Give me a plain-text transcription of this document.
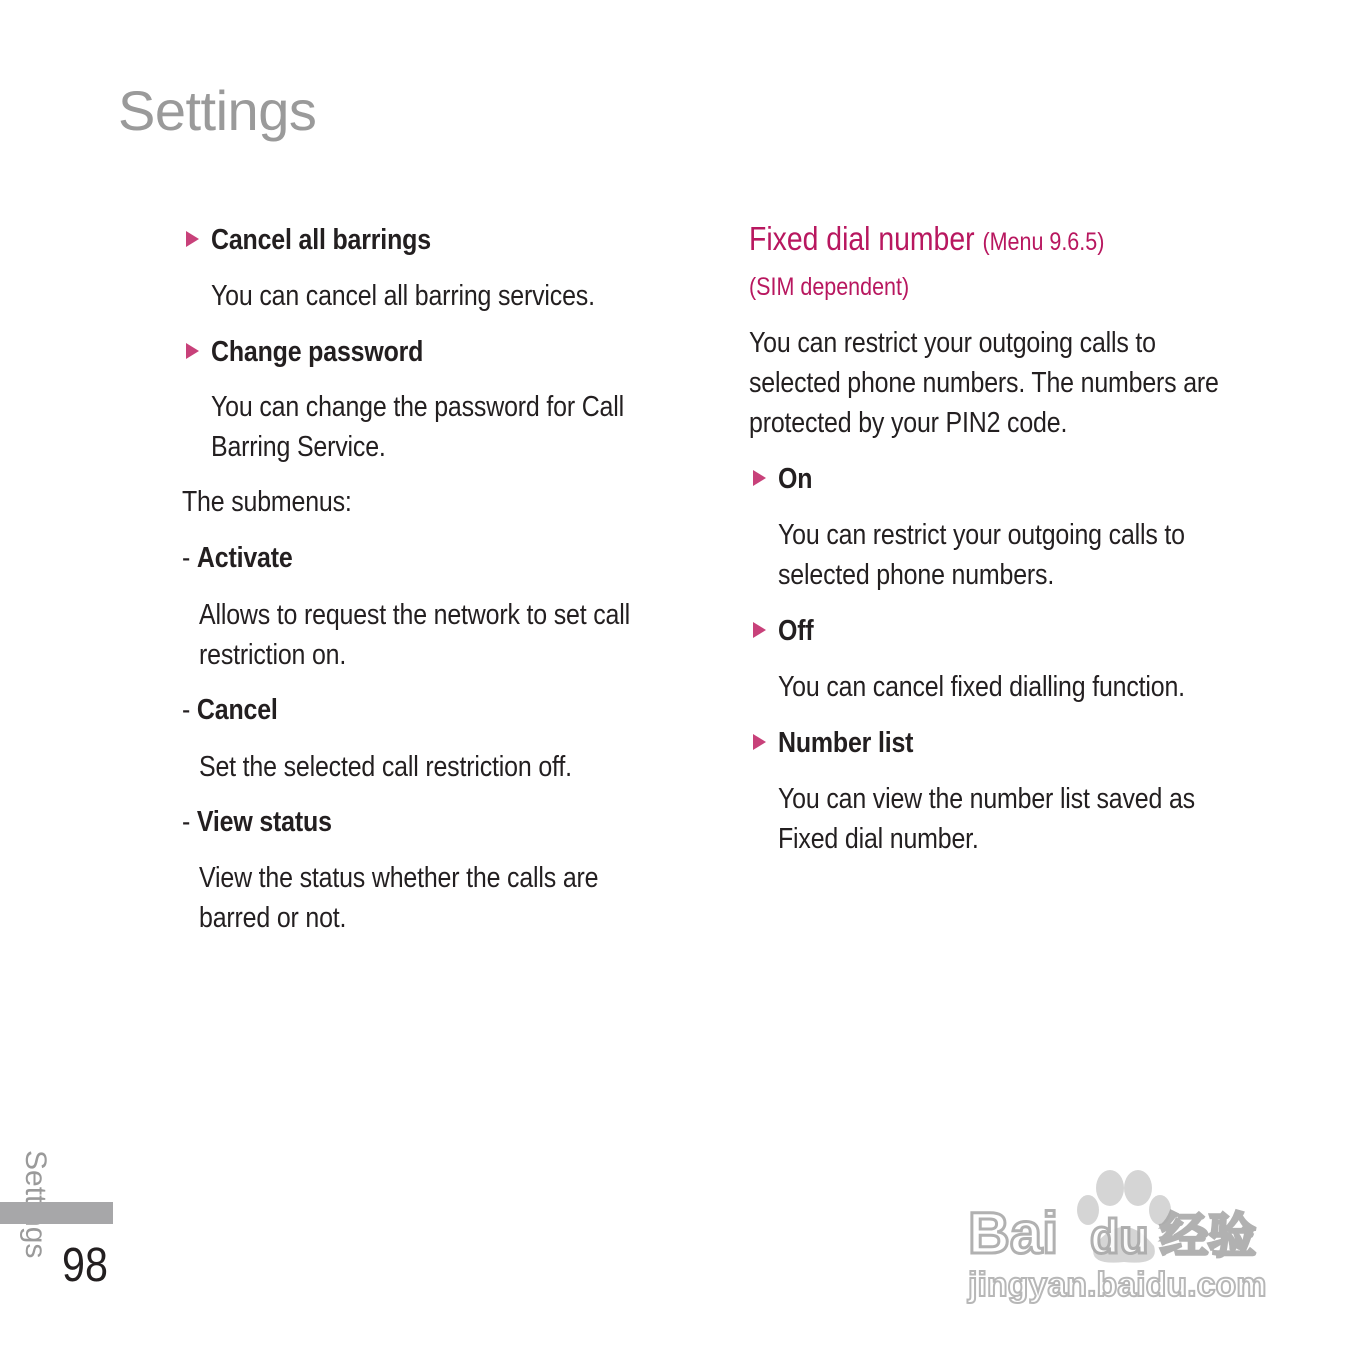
Settings
Cancel all barrings
You can cancel all barring services.
Change password
You can change the password for Call
Barring Service.
The submenus:
- Activate
Allows to request the network to set call
restriction on.
- Cancel
Set the selected call restriction off.
- View status
View the status whether the calls are
barred or not.
Fixed dial number (Menu 9.6.5)
(SIM dependent)
You can restrict your outgoing calls to
selected phone numbers. The numbers are
protected by your PIN2 code.
On
You can restrict your outgoing calls to
selected phone numbers.
Off
You can cancel fixed dialling function.
Number list
You can view the number list saved as
Fixed dial number.
98	Bai du 经验
jingyan.baidu.com
